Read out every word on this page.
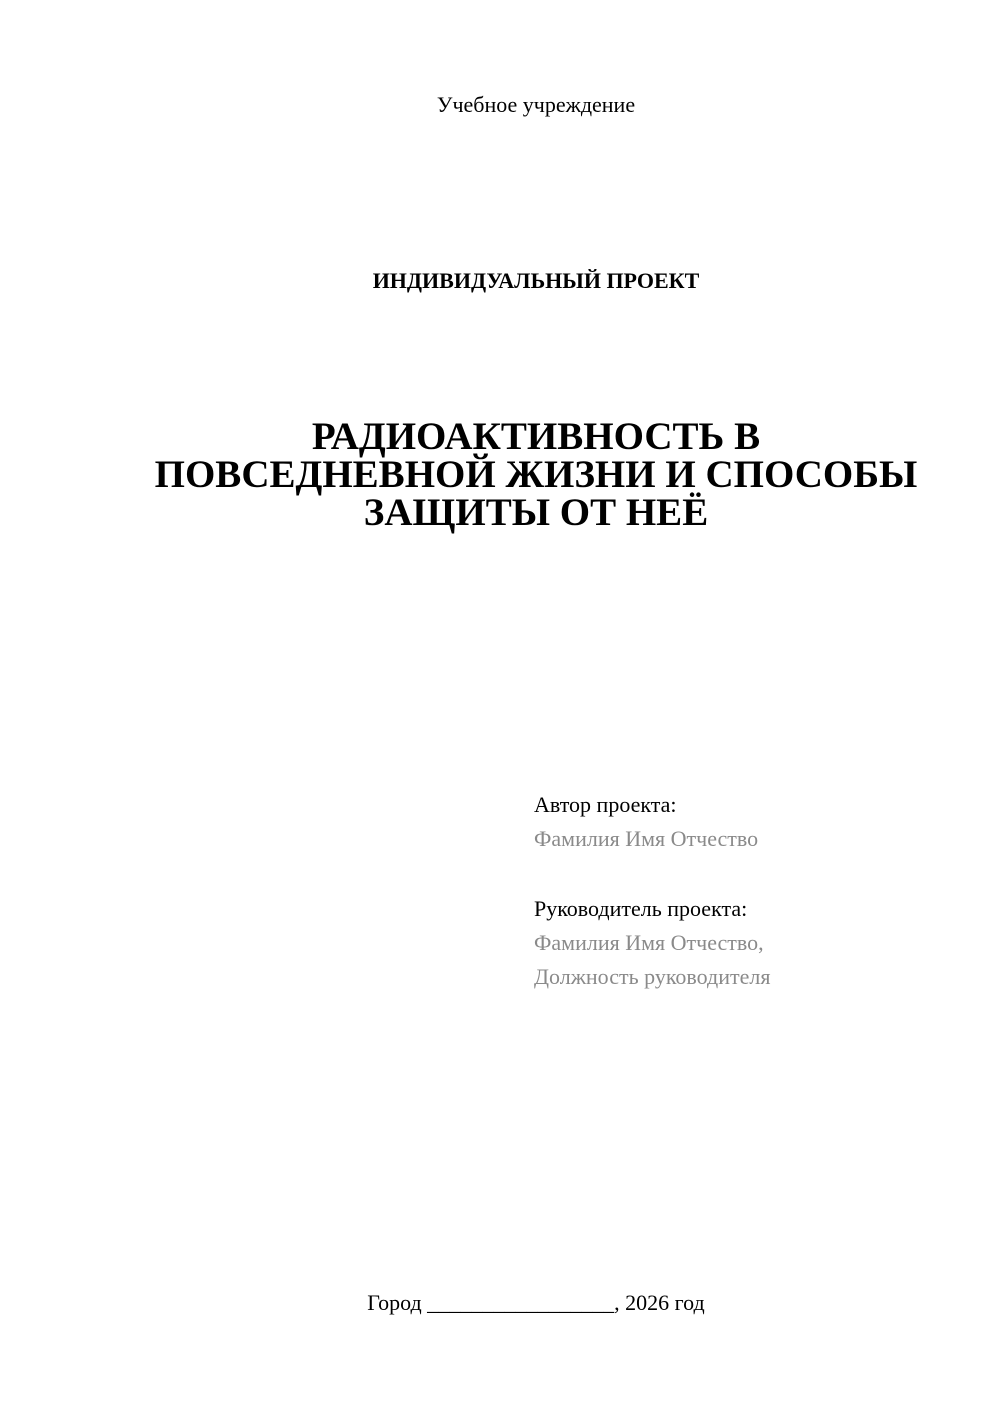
Учебное учреждение
ИНДИВИДУАЛЬНЫЙ ПРОЕКТ
РАДИОАКТИВНОСТЬ В
ПОВСЕДНЕВНОЙ ЖИЗНИ И СПОСОБЫ
ЗАЩИТЫ ОТ НЕЁ
Автор проекта:
Фамилия Имя Отчество
Руководитель проекта:
Фамилия Имя Отчество,
Должность руководителя
Город _________________, 2026 год
